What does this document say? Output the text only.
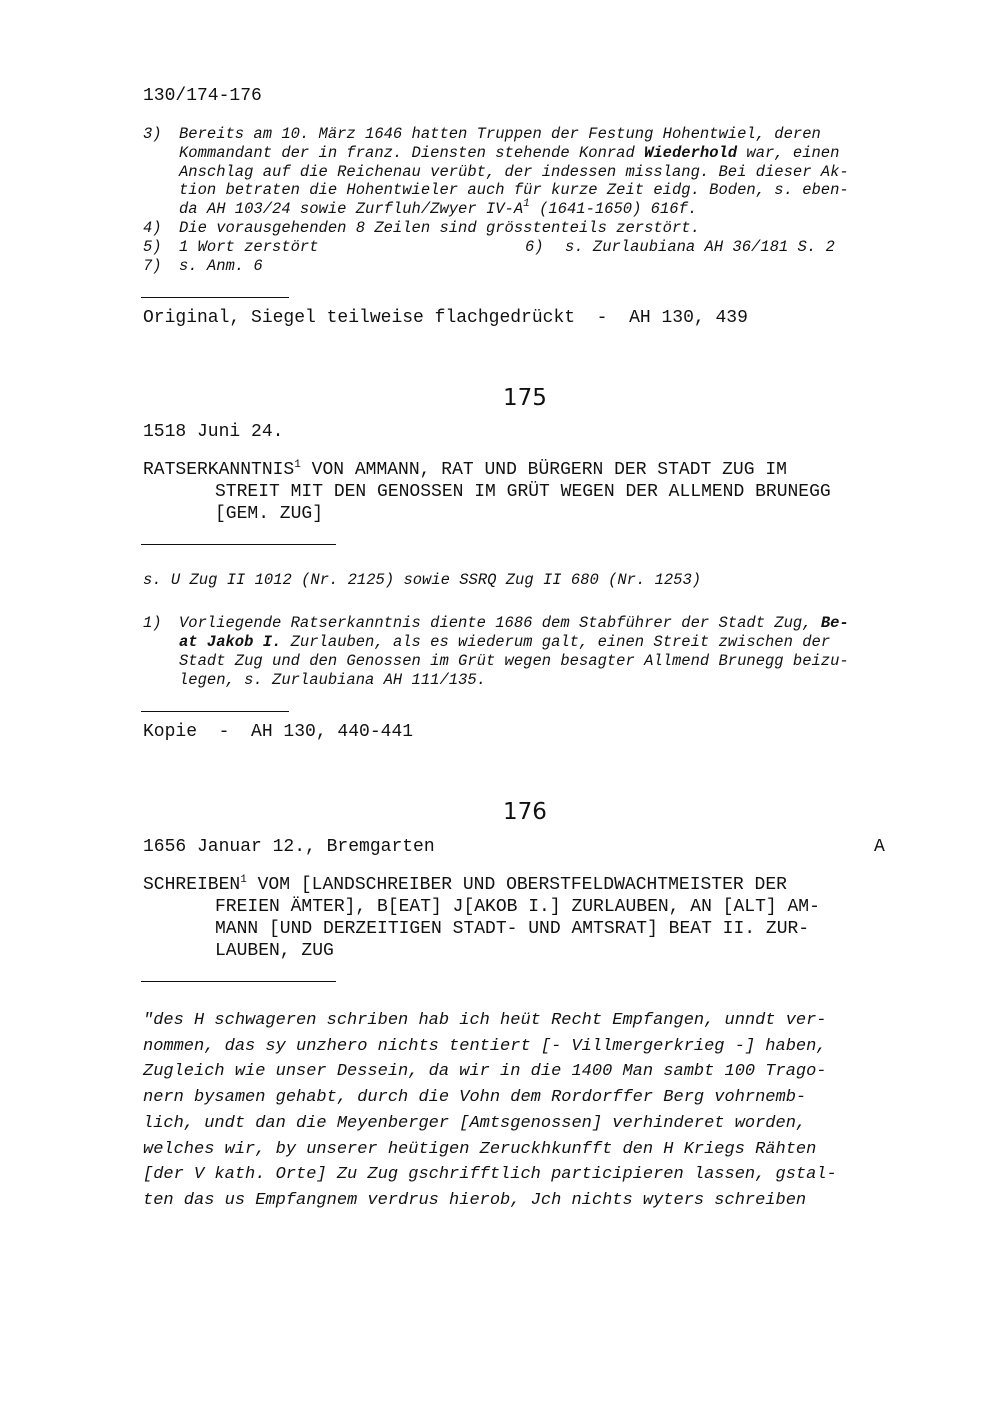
130/174-176
3) Bereits am 10. März 1646 hatten Truppen der Festung Hohentwiel, deren
Kommandant der in franz. Diensten stehende Konrad Wiederhold war, einen
Anschlag auf die Reichenau verübt, der indessen misslang. Bei dieser Ak-
tion betraten die Hohentwieler auch für kurze Zeit eidg. Boden, s. eben-
da AH 103/24 sowie Zurfluh/Zwyer $IV-A^1$ (1641-1650) 616f.
4) Die vorausgehenden 8 Zeilen sind grösstenteils zerstört.
5) 1 Wort zerstört	6) s. Zurlaubiana AH 36/181 S. 2
7) s. Anm. 6
Original, Siegel teilweise flachgedrückt  -  AH 130, 439
175
1518 Juni 24.
RATSERKANNTNIS$^1$ VON AMMANN, RAT UND BÜRGERN DER STADT ZUG IM
STREIT MIT DEN GENOSSEN IM GRÜT WEGEN DER ALLMEND BRUNEGG
[GEM. ZUG]
s. U Zug II 1012 (Nr. 2125) sowie SSRQ Zug II 680 (Nr. 1253)
1) Vorliegende Ratserkanntnis diente 1686 dem Stabführer der Stadt Zug, Be-
at Jakob I. Zurlauben, als es wiederum galt, einen Streit zwischen der
Stadt Zug und den Genossen im Grüt wegen besagter Allmend Brunegg beizu-
legen, s. Zurlaubiana AH 111/135.
Kopie  -  AH 130, 440-441
176
1656 Januar 12., Bremgarten	A
SCHREIBEN$^1$ VOM [LANDSCHREIBER UND OBERSTFELDWACHTMEISTER DER
FREIEN ÄMTER], B[EAT] J[AKOB I.] ZURLAUBEN, AN [ALT] AM-
MANN [UND DERZEITIGEN STADT- UND AMTSRAT] BEAT II. ZUR-
LAUBEN, ZUG
"des H schwageren schriben hab ich heüt Recht Empfangen, unndt ver-
nommen, das sy unzhero nichts tentiert [- Villmergerkrieg -] haben,
Zugleich wie unser Dessein, da wir in die 1400 Man sambt 100 Trago-
nern bysamen gehabt, durch die Vohn dem Rordorffer Berg vohrnemb-
lich, undt dan die Meyenberger [Amtsgenossen] verhinderet worden,
welches wir, by unserer heütigen Zeruckhkunfft den H Kriegs Rähten
[der V kath. Orte] Zu Zug gschrifftlich participieren lassen, gstal-
ten das us Empfangnem verdrus hierob, Jch nichts wyters schreiben
